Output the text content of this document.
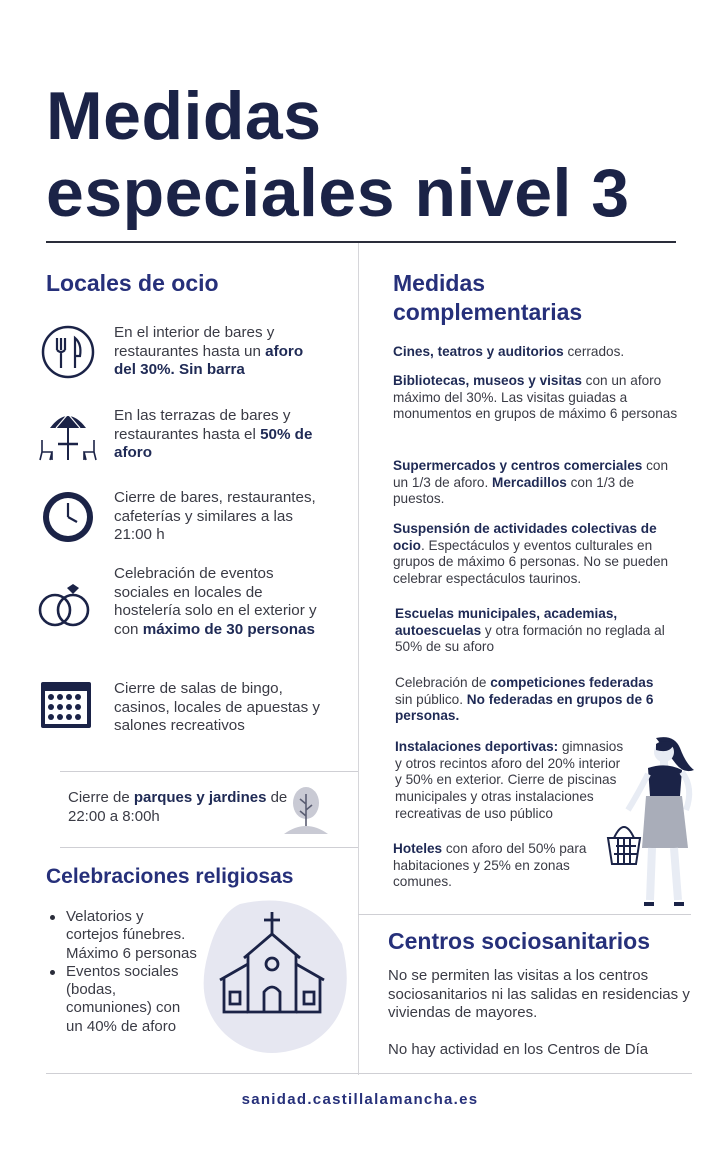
Medidas
especiales nivel 3
Locales de ocio
En el interior de bares y restaurantes hasta un aforo del 30%. Sin barra
En las terrazas de bares y restaurantes hasta el 50% de aforo
Cierre de bares, restaurantes, cafeterías y similares a las 21:00 h
Celebración de eventos sociales en locales de hostelería solo en el exterior y con máximo de 30 personas
Cierre de salas de bingo, casinos, locales de apuestas y salones recreativos
Cierre de parques y jardines de 22:00 a 8:00h
Celebraciones religiosas
Velatorios y cortejos fúnebres. Máximo 6 personas
Eventos sociales (bodas, comuniones) con un 40% de aforo
Medidas
complementarias
Cines, teatros y auditorios cerrados.
Bibliotecas, museos y visitas con un aforo máximo del 30%. Las visitas guiadas a monumentos en grupos de máximo 6 personas
Supermercados y centros comerciales con un 1/3 de aforo. Mercadillos con 1/3 de puestos.
Suspensión de actividades colectivas de ocio. Espectáculos y eventos culturales en grupos de máximo 6 personas. No se pueden celebrar espectáculos taurinos.
Escuelas municipales, academias, autoescuelas y otra formación no reglada al 50% de su aforo
Celebración de competiciones federadas sin público. No federadas en grupos de 6 personas.
Instalaciones deportivas: gimnasios y otros recintos aforo del 20% interior y 50% en exterior. Cierre de piscinas municipales y otras instalaciones recreativas de uso público
Hoteles con aforo del 50% para habitaciones y 25% en zonas comunes.
Centros sociosanitarios
No se permiten las visitas a los centros sociosanitarios ni las salidas en residencias y viviendas de mayores.
No hay actividad en los Centros de Día
sanidad.castillalamancha.es
